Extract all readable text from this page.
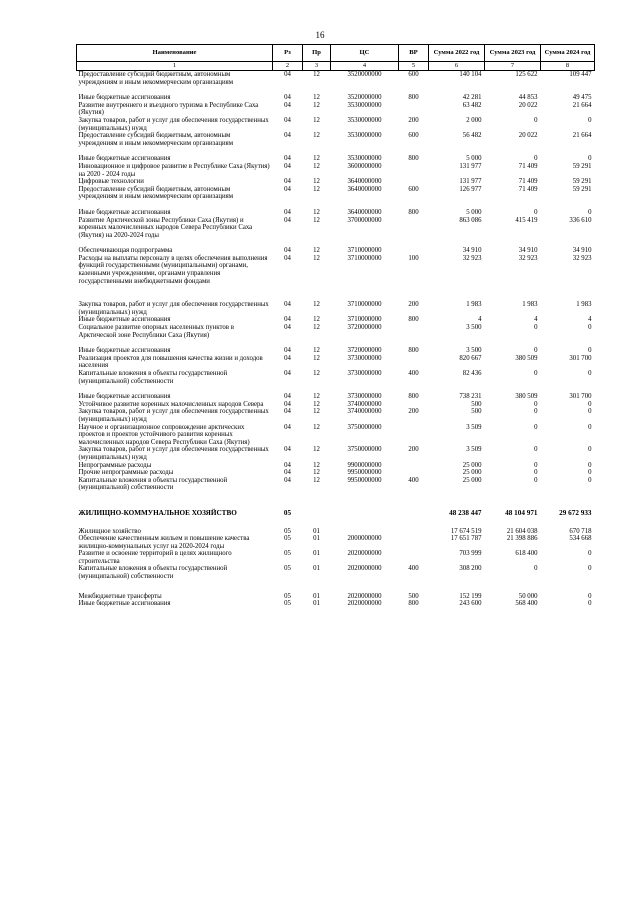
16
Наименование	Рз	Пр	ЦС	ВР	Сумма 2022 год	Сумма 2023 год	Сумма 2024 год
1	2	3	4	5	6	7	8
Предоставление субсидий бюджетным, автономным учреждениям и иным некоммерческим организациям	04	12	3520000000	600	140 104	125 622	109 447
Иные бюджетные ассигнования	04	12	3520000000	800	42 281	44 853	49 475
Развитие внутреннего и въездного туризма в Республике Саха (Якутия)	04	12	3530000000		63 482	20 022	21 664
Закупка товаров, работ и услуг для обеспечения государственных (муниципальных) нужд	04	12	3530000000	200	2 000	0	0
Предоставление субсидий бюджетным, автономным учреждениям и иным некоммерческим организациям	04	12	3530000000	600	56 482	20 022	21 664
Иные бюджетные ассигнования	04	12	3530000000	800	5 000	0	0
Инновационное и цифровое развитие в Республике Саха (Якутия) на 2020 - 2024 годы	04	12	3600000000		131 977	71 409	59 291
Цифровые технологии	04	12	3640000000		131 977	71 409	59 291
Предоставление субсидий бюджетным, автономным учреждениям и иным некоммерческим организациям	04	12	3640000000	600	126 977	71 409	59 291
Иные бюджетные ассигнования	04	12	3640000000	800	5 000	0	0
Развитие Арктической зоны Республики Саха (Якутия) и коренных малочисленных народов Севера Республики Саха (Якутия) на 2020-2024 годы	04	12	3700000000		863 086	415 419	336 610
Обеспечивающая подпрограмма	04	12	3710000000		34 910	34 910	34 910
Расходы на выплаты персоналу в целях обеспечения выполнения функций государственными (муниципальными) органами, казенными учреждениями, органами управления государственными внебюджетными фондами	04	12	3710000000	100	32 923	32 923	32 923
Закупка товаров, работ и услуг для обеспечения государственных (муниципальных) нужд	04	12	3710000000	200	1 983	1 983	1 983
Иные бюджетные ассигнования	04	12	3710000000	800	4	4	4
Социальное развитие опорных населенных пунктов в Арктической зоне Республики Саха (Якутия)	04	12	3720000000		3 500	0	0
Иные бюджетные ассигнования	04	12	3720000000	800	3 500	0	0
Реализация проектов для повышения качества жизни и доходов населения	04	12	3730000000		820 667	380 509	301 700
Капитальные вложения в объекты государственной (муниципальной) собственности	04	12	3730000000	400	82 436	0	0
Иные бюджетные ассигнования	04	12	3730000000	800	738 231	380 509	301 700
Устойчивое развитие коренных малочисленных народов Севера	04	12	3740000000		500	0	0
Закупка товаров, работ и услуг для обеспечения государственных (муниципальных) нужд	04	12	3740000000	200	500	0	0
Научное и организационное сопровождение арктических проектов и проектов устойчивого развития коренных малочисленных народов Севера Республики Саха (Якутия)	04	12	3750000000		3 509	0	0
Закупка товаров, работ и услуг для обеспечения государственных (муниципальных) нужд	04	12	3750000000	200	3 509	0	0
Непрограммные расходы	04	12	9900000000		25 000	0	0
Прочие непрограммные расходы	04	12	9950000000		25 000	0	0
Капитальные вложения в объекты государственной (муниципальной) собственности	04	12	9950000000	400	25 000	0	0
ЖИЛИЩНО-КОММУНАЛЬНОЕ ХОЗЯЙСТВО	05				48 238 447	48 104 971	29 672 933
Жилищное хозяйство	05	01			17 674 519	21 604 038	670 718
Обеспечение качественным жильем и повышение качества жилищно-коммунальных услуг на 2020-2024 годы	05	01	2000000000		17 651 787	21 398 886	534 668
Развитие и освоение территорий в целях жилищного строительства	05	01	2020000000		703 999	618 400	0
Капитальные вложения в объекты государственной (муниципальной) собственности	05	01	2020000000	400	308 200	0	0
Межбюджетные трансферты	05	01	2020000000	500	152 199	50 000	0
Иные бюджетные ассигнования	05	01	2020000000	800	243 600	568 400	0
